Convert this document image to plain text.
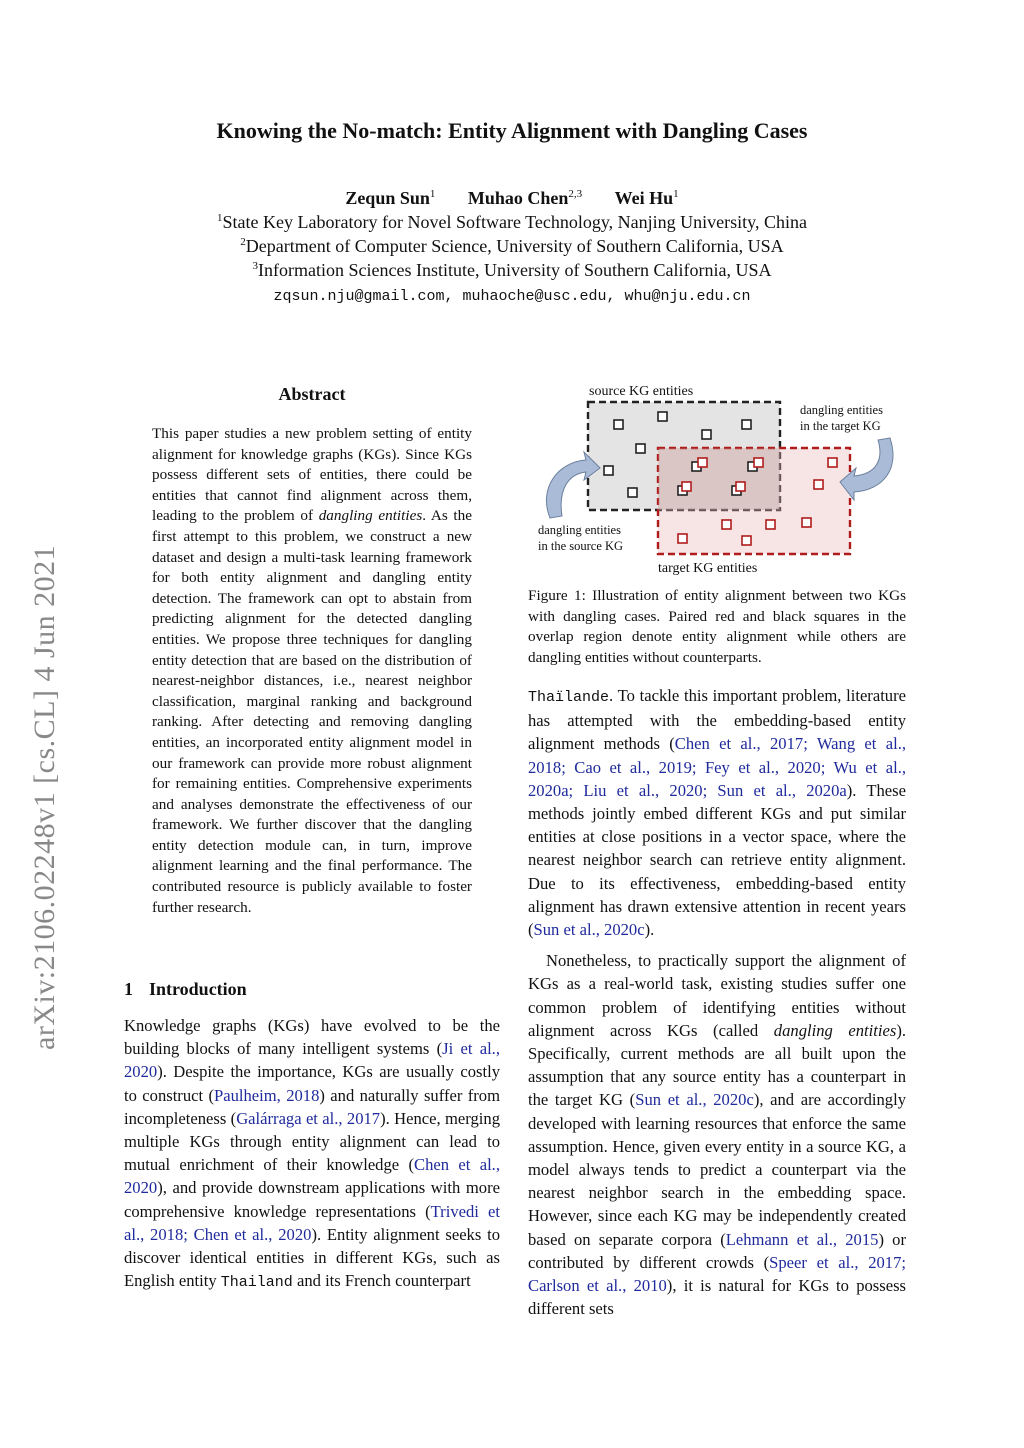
Knowing the No-match: Entity Alignment with Dangling Cases
Zequn Sun$^1$ Muhao Chen$^{2,3}$ Wei Hu$^1$
$^1$State Key Laboratory for Novel Software Technology, Nanjing University, China
$^2$Department of Computer Science, University of Southern California, USA
$^3$Information Sciences Institute, University of Southern California, USA
zqsun.nju@gmail.com, muhaoche@usc.edu, whu@nju.edu.cn
arXiv:2106.02248v1 [cs.CL] 4 Jun 2021
Abstract
This paper studies a new problem setting of entity alignment for knowledge graphs (KGs). Since KGs possess different sets of entities, there could be entities that cannot find alignment across them, leading to the problem of dangling entities. As the first attempt to this problem, we construct a new dataset and design a multi-task learning framework for both entity alignment and dangling entity detection. The framework can opt to abstain from predicting alignment for the detected dangling entities. We propose three techniques for dangling entity detection that are based on the distribution of nearest-neighbor distances, i.e., nearest neighbor classification, marginal ranking and background ranking. After detecting and removing dangling entities, an incorporated entity alignment model in our framework can provide more robust alignment for remaining entities. Comprehensive experiments and analyses demonstrate the effectiveness of our framework. We further discover that the dangling entity detection module can, in turn, improve alignment learning and the final performance. The contributed resource is publicly available to foster further research.
1 Introduction
Knowledge graphs (KGs) have evolved to be the building blocks of many intelligent systems (Ji et al., 2020). Despite the importance, KGs are usually costly to construct (Paulheim, 2018) and naturally suffer from incompleteness (Galárraga et al., 2017). Hence, merging multiple KGs through entity alignment can lead to mutual enrichment of their knowledge (Chen et al., 2020), and provide downstream applications with more comprehensive knowledge representations (Trivedi et al., 2018; Chen et al., 2020). Entity alignment seeks to discover identical entities in different KGs, such as English entity Thailand and its French counterpart
source KG entities
target KG entities
dangling entities
in the target KG
dangling entities
in the source KG
Figure 1: Illustration of entity alignment between two KGs with dangling cases. Paired red and black squares in the overlap region denote entity alignment while others are dangling entities without counterparts.

Thaïlande. To tackle this important problem, literature has attempted with the embedding-based entity alignment methods (Chen et al., 2017; Wang et al., 2018; Cao et al., 2019; Fey et al., 2020; Wu et al., 2020a; Liu et al., 2020; Sun et al., 2020a). These methods jointly embed different KGs and put similar entities at close positions in a vector space, where the nearest neighbor search can retrieve entity alignment. Due to its effectiveness, embedding-based entity alignment has drawn extensive attention in recent years (Sun et al., 2020c).

Nonetheless, to practically support the alignment of KGs as a real-world task, existing studies suffer one common problem of identifying entities without alignment across KGs (called dangling entities). Specifically, current methods are all built upon the assumption that any source entity has a counterpart in the target KG (Sun et al., 2020c), and are accordingly developed with learning resources that enforce the same assumption. Hence, given every entity in a source KG, a model always tends to predict a counterpart via the nearest neighbor search in the embedding space. However, since each KG may be independently created based on separate corpora (Lehmann et al., 2015) or contributed by different crowds (Speer et al., 2017; Carlson et al., 2010), it is natural for KGs to possess different sets
